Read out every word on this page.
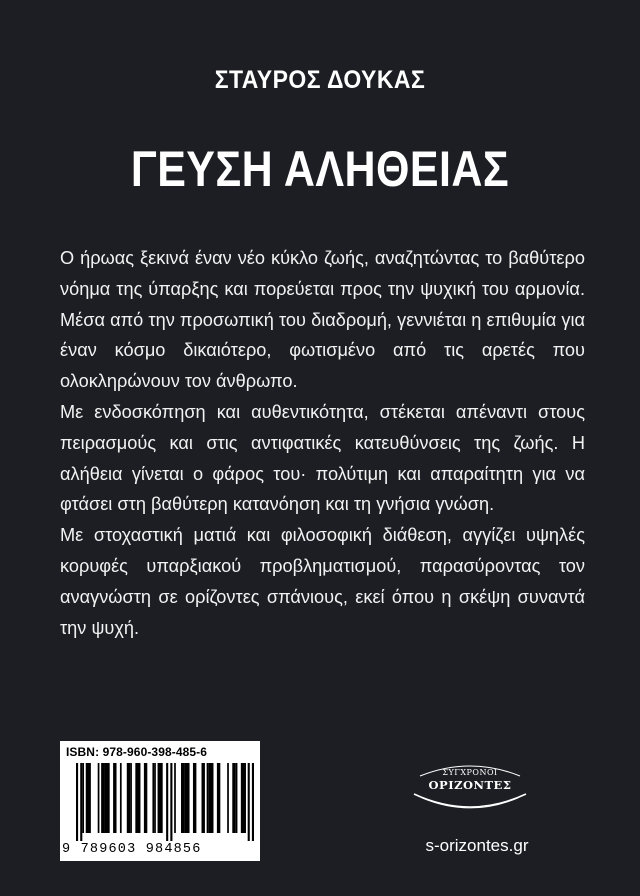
ΣΤΑΥΡΟΣ ΔΟΥΚΑΣ
ΓΕΥΣΗ ΑΛΗΘΕΙΑΣ

Ο ήρωας ξεκινά έναν νέο κύκλο ζωής, αναζητώντας το βαθύτερο νόημα της ύπαρξης και πορεύεται προς την ψυχική του αρμονία. Μέσα από την προσωπική του διαδρομή, γεννιέται η επιθυμία για έναν κόσμο δικαιότερο, φωτισμένο από τις αρετές που ολοκληρώνουν τον άνθρωπο.

Με ενδοσκόπηση και αυθεντικότητα, στέκεται απέναντι στους πειρασμούς και στις αντιφατικές κατευθύνσεις της ζωής. Η αλήθεια γίνεται ο φάρος του· πολύτιμη και απαραίτητη για να φτάσει στη βαθύτερη κατανόηση και τη γνήσια γνώση.

Με στοχαστική ματιά και φιλοσοφική διάθεση, αγγίζει υψηλές κορυφές υπαρξιακού προβληματισμού, παρασύροντας τον αναγνώστη σε ορίζοντες σπάνιους, εκεί όπου η σκέψη συναντά την ψυχή.

ISBN: 978-960-398-485-6
9 789603 984856
ΣΥΓΧΡΟΝΟΙ
ΟΡΙΖΟΝΤΕΣ
s-orizontes.gr
